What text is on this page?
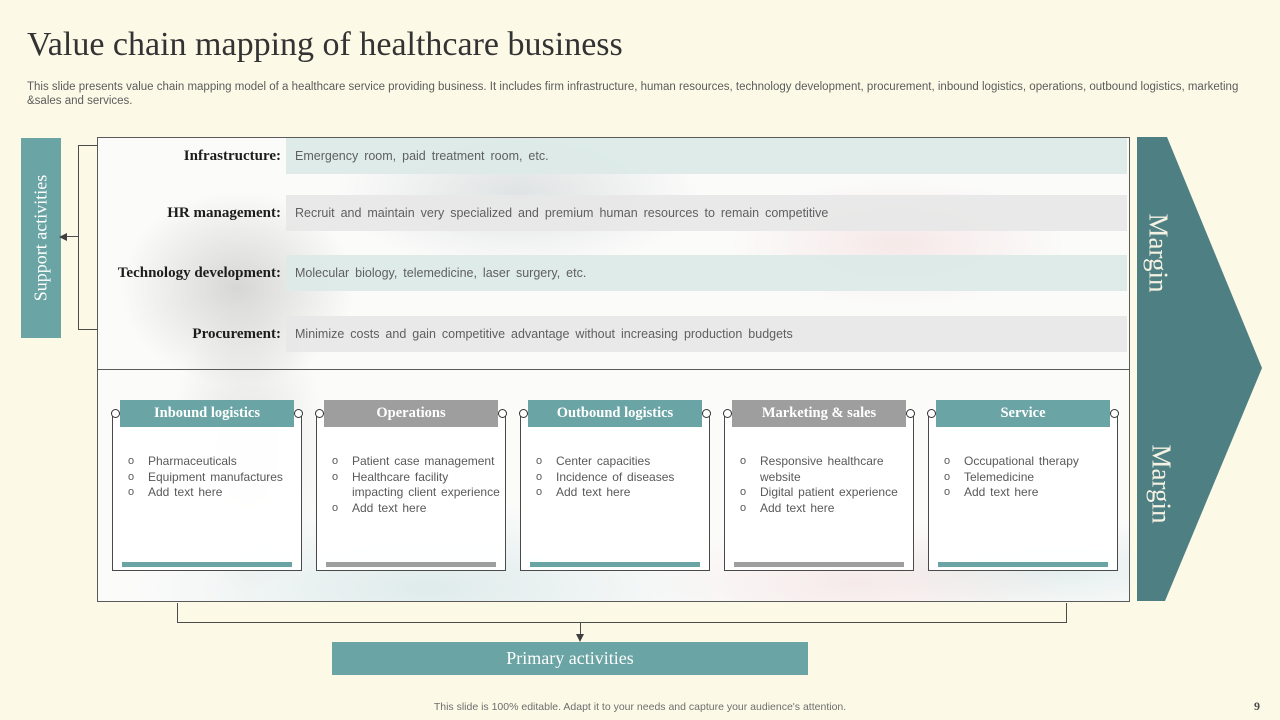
Value chain mapping of healthcare business

This slide presents value chain mapping model of a healthcare service providing business. It includes firm infrastructure, human resources, technology development, procurement, inbound logistics, operations, outbound logistics, marketing &sales and services.

Support activities
Infrastructure:	Emergency room, paid treatment room, etc.
HR management:	Recruit and maintain very specialized and premium human resources to remain competitive
Technology development:	Molecular biology, telemedicine, laser surgery, etc.
Procurement:	Minimize costs and gain competitive advantage without increasing production budgets
Inbound logistics
o Pharmaceuticals
o Equipment manufactures
o Add text here
Operations
o Patient case management
o Healthcare facility impacting client experience
o Add text here
Outbound logistics
o Center capacities
o Incidence of diseases
o Add text here
Marketing & sales
o Responsive healthcare website
o Digital patient experience
o Add text here
Service
o Occupational therapy
o Telemedicine
o Add text here
Margin
Margin
Primary activities
This slide is 100% editable. Adapt it to your needs and capture your audience's attention.	9
